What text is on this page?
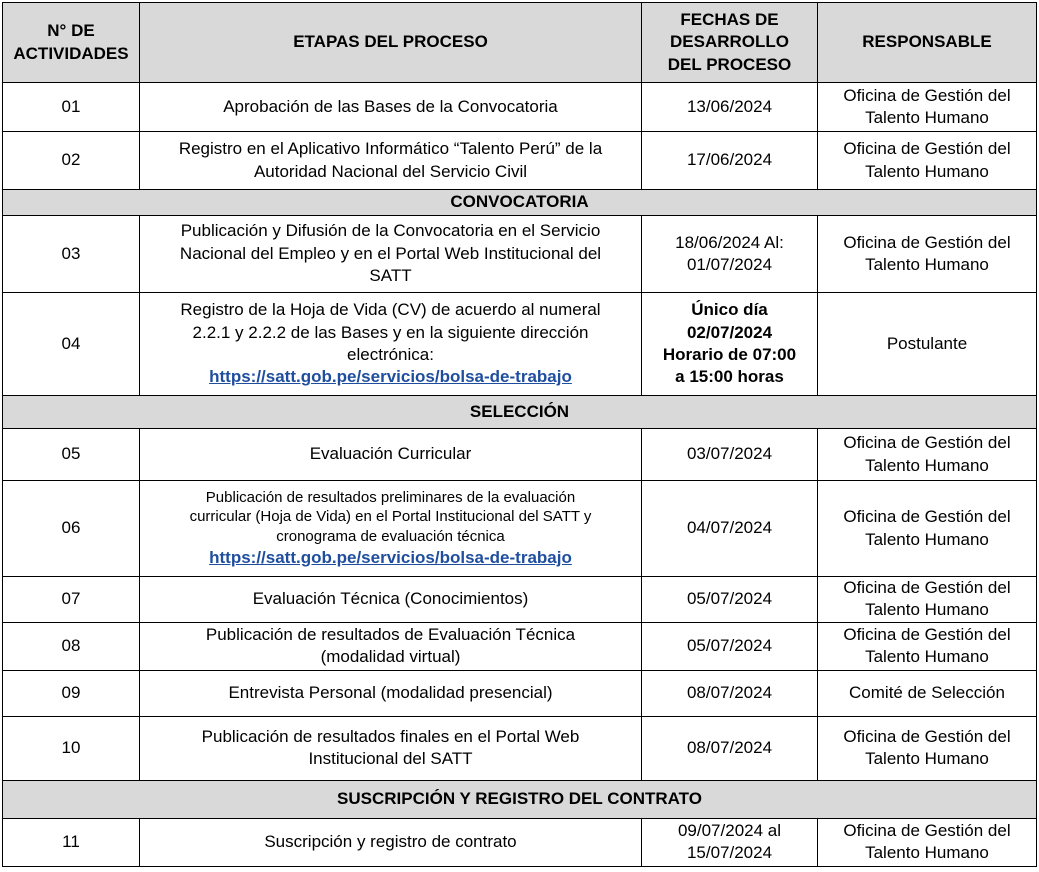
N° DE
ACTIVIDADES	ETAPAS DEL PROCESO	FECHAS DE
DESARROLLO
DEL PROCESO	RESPONSABLE
01	Aprobación de las Bases de la Convocatoria	13/06/2024	Oficina de Gestión del
Talento Humano

02	Registro en el Aplicativo Informático “Talento Perú” de la
Autoridad Nacional del Servicio Civil	17/06/2024	Oficina de Gestión del
Talento Humano

CONVOCATORIA			
03	Publicación y Difusión de la Convocatoria en el Servicio
Nacional del Empleo y en el Portal Web Institucional del
SATT	18/06/2024 Al:
01/07/2024	Oficina de Gestión del
Talento Humano

04	Registro de la Hoja de Vida (CV) de acuerdo al numeral
2.2.1 y 2.2.2 de las Bases y en la siguiente dirección
electrónica:
https://satt.gob.pe/servicios/bolsa-de-trabajo	Único día
02/07/2024
Horario de 07:00
a 15:00 horas	Postulante

SELECCIÓN			
05	Evaluación Curricular	03/07/2024	Oficina de Gestión del
Talento Humano

06	Publicación de resultados preliminares de la evaluación
curricular (Hoja de Vida) en el Portal Institucional del SATT y
cronograma de evaluación técnica
https://satt.gob.pe/servicios/bolsa-de-trabajo	04/07/2024	Oficina de Gestión del
Talento Humano

07	Evaluación Técnica (Conocimientos)	05/07/2024	Oficina de Gestión del
Talento Humano

08	Publicación de resultados de Evaluación Técnica
(modalidad virtual)	05/07/2024	Oficina de Gestión del
Talento Humano

09	Entrevista Personal (modalidad presencial)	08/07/2024	Comité de Selección

10	Publicación de resultados finales en el Portal Web
Institucional del SATT	08/07/2024	Oficina de Gestión del
Talento Humano

SUSCRIPCIÓN Y REGISTRO DEL CONTRATO			
11	Suscripción y registro de contrato	09/07/2024 al
15/07/2024	Oficina de Gestión del
Talento Humano
